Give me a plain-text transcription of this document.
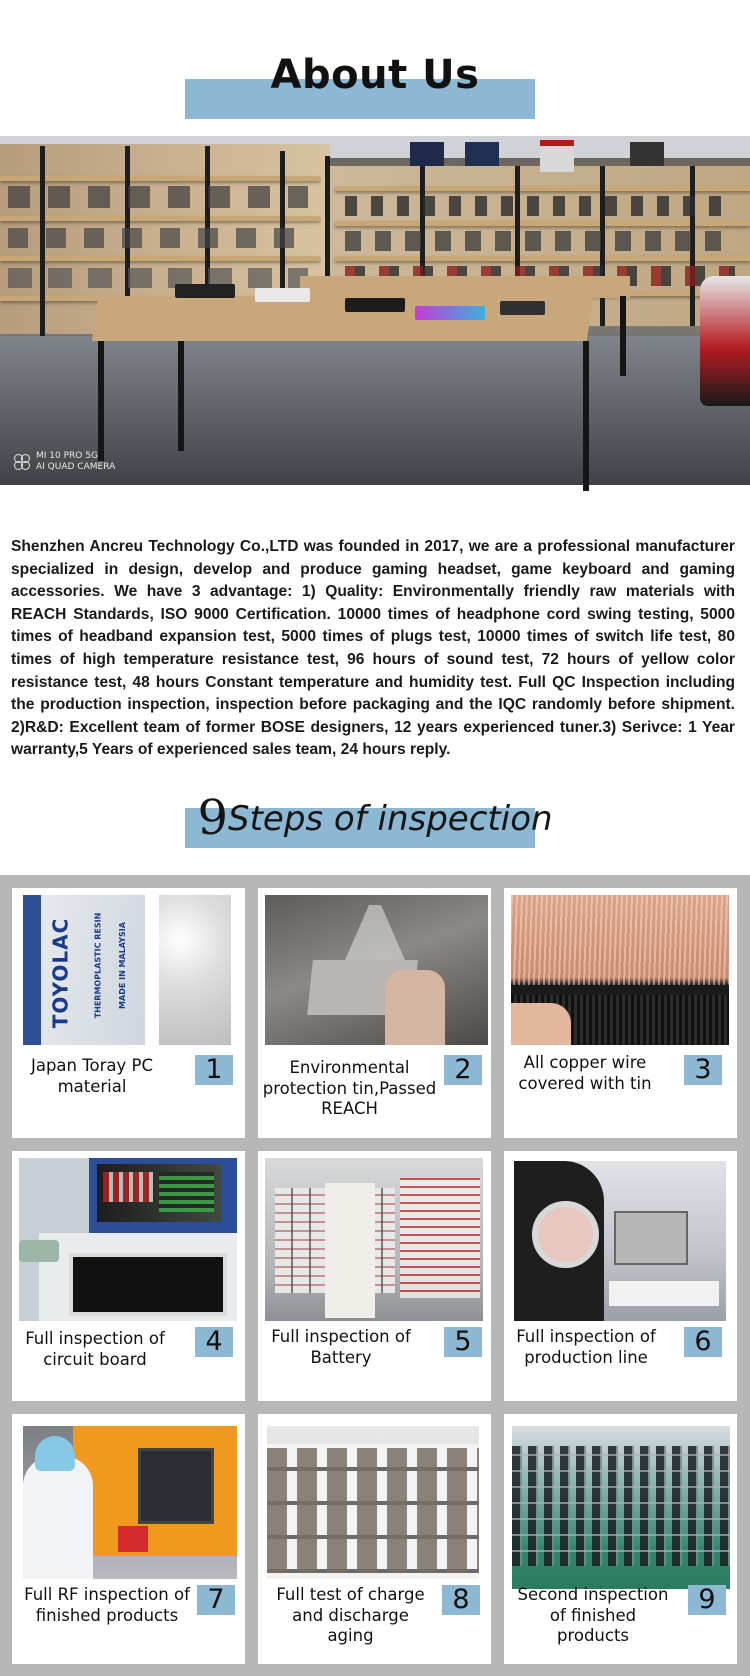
About Us
MI 10 PRO 5G
AI QUAD CAMERA
Shenzhen Ancreu Technology Co.,LTD was founded in 2017, we are a professional manufacturer specialized in design, develop and produce gaming headset, game keyboard and gaming accessories. We have 3 advantage: 1) Quality: Environmentally friendly raw materials with REACH Standards, ISO 9000 Certification. 10000 times of headphone cord swing testing, 5000 times of headband expansion test, 5000 times of plugs test, 10000 times of switch life test, 80 times of high temperature resistance test, 96 hours of sound test, 72 hours of yellow color resistance test, 48 hours Constant temperature and humidity test. Full QC Inspection including the production inspection, inspection before packaging and the IQC randomly before shipment. 2)R&D: Excellent team of former BOSE designers, 12 years experienced tuner.3) Serivce: 1 Year warranty,5 Years of experienced sales team, 24 hours reply.
9Steps of inspection
TORAY TOYOLAC	THERMOPLASTIC RESIN MADE IN MALAYSIA
1
Japan Toray PC material
2
Environmental protection tin,Passed REACH
3
All copper wire covered with tin
4
Full inspection of circuit board
5
Full inspection of Battery	6
Full inspection of production line
7
Full RF inspection of finished products	8
Full test of charge and discharge aging
9
Second inspection of finished products
